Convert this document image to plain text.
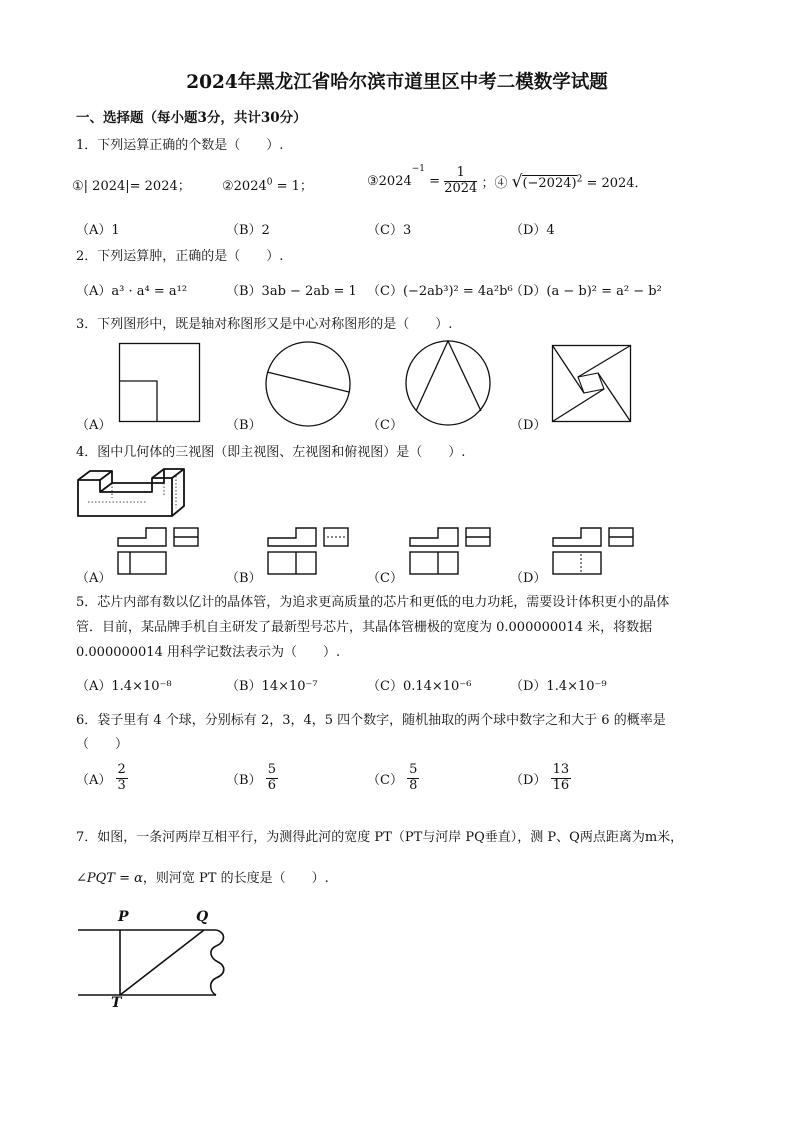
2024年黑龙江省哈尔滨市道里区中考二模数学试题
一、选择题（每小题3分，共计30分）
1．下列运算正确的个数是（　　）.
①| 2024|= 2024； $②2024^0 = 1$；	$③2024^{-1} = \frac{1}{2024}$ ；④ $√(-2024)^2 = 2024$．
（A）1	（B）2	（C）3	（D）4
2．下列运算肿，正确的是（　　）.
（A）a³ · a⁴ = a¹²	（B）3ab − 2ab = 1 （C）(−2ab³)² = 4a²b⁶
（D）(a − b)² = a² − b²
3．下列图形中，既是轴对称图形又是中心对称图形的是（　　）.
（A）	（B）	（C）	（D）
4．图中几何体的三视图（即主视图、左视图和俯视图）是（　　）.
（A）	（B）	（C）	（D）
5．芯片内部有数以亿计的晶体管，为追求更高质量的芯片和更低的电力功耗，需要设计体积更小的晶体
管．目前，某品牌手机自主研发了最新型号芯片，其晶体管栅极的宽度为 0.000000014 米，将数据
0.000000014 用科学记数法表示为（　　）.
（A）1.4×10⁻⁸	（B）14×10⁻⁷	（C）0.14×10⁻⁶	（D）1.4×10⁻⁹
6．袋子里有 4 个球，分别标有 2，3，4，5 四个数字，随机抽取的两个球中数字之和大于 6 的概率是
（　　）
$(A) \frac{2}{3}$	$(B) \frac{5}{6}$	$(C) \frac{5}{8}$	$(D) \frac{13}{16}$
7．如图，一条河两岸互相平行，为测得此河的宽度 PT（PT与河岸 PQ垂直），测 P、Q两点距离为m米，
∠PQT = α，则河宽 PT 的长度是（　　）.
P	Q
T
